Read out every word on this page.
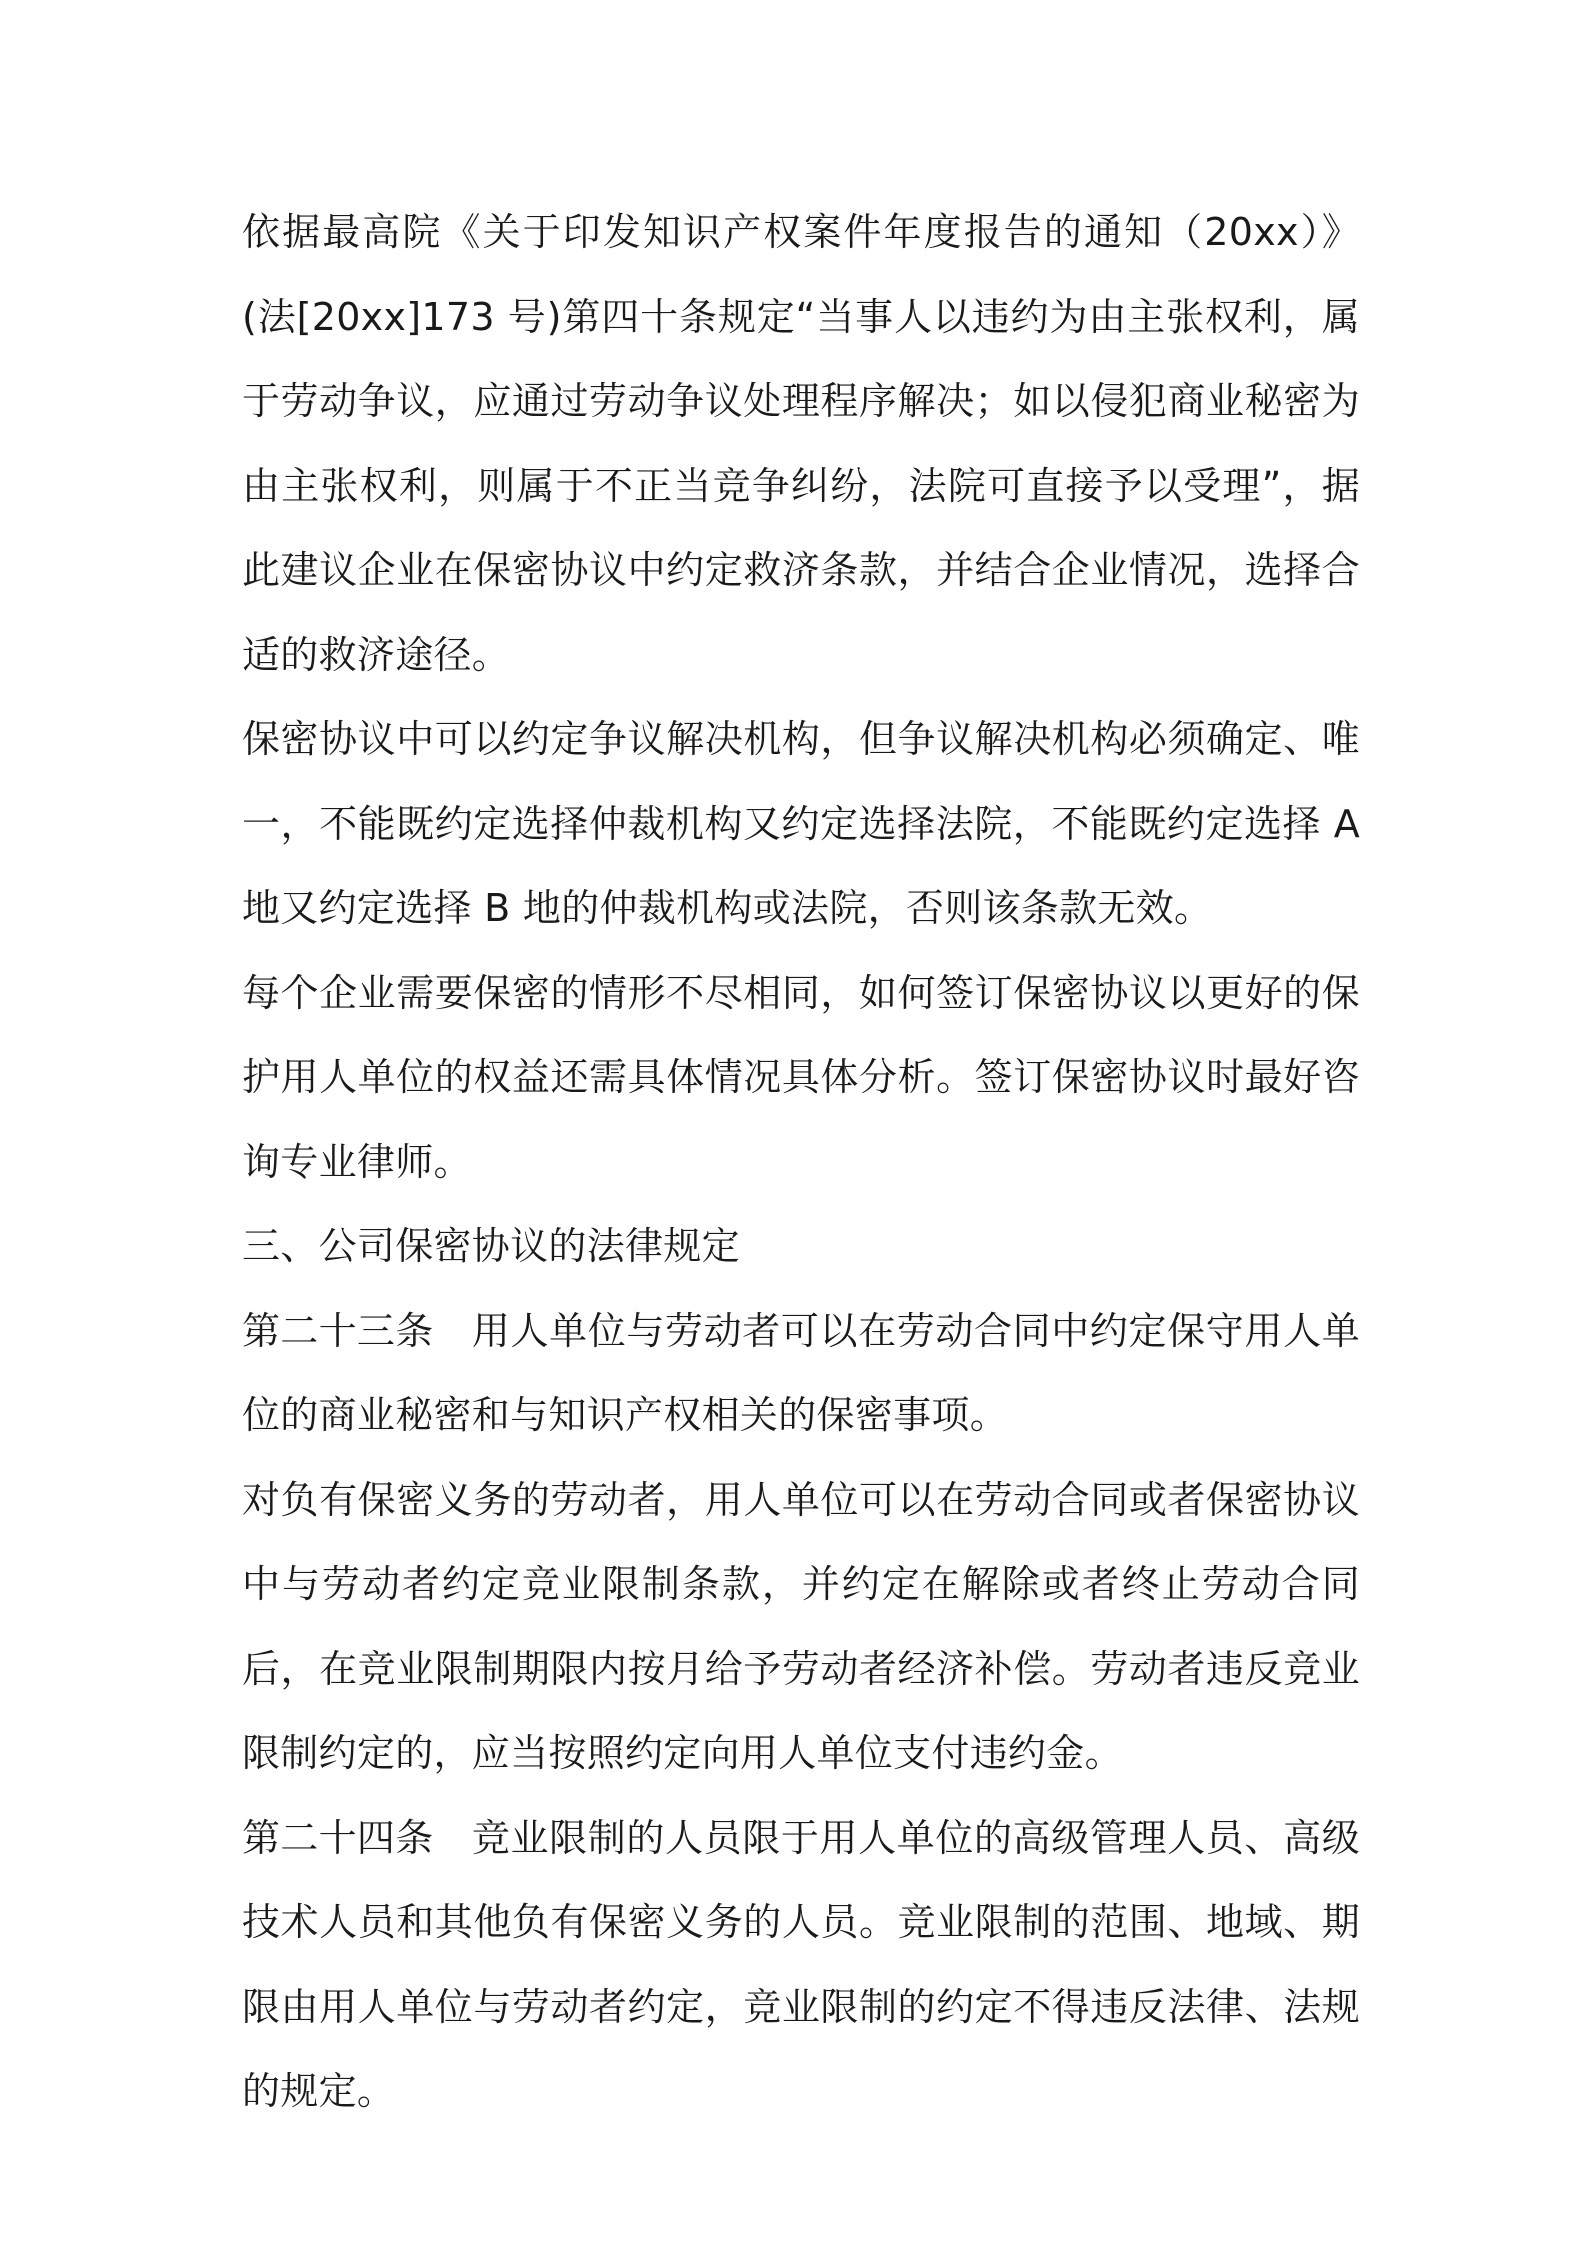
依据最高院《关于印发知识产权案件年度报告的通知（20xx）》(法[20xx]173 号)第四十条规定“当事人以违约为由主张权利，属于劳动争议，应通过劳动争议处理程序解决；如以侵犯商业秘密为由主张权利，则属于不正当竞争纠纷，法院可直接予以受理”，据此建议企业在保密协议中约定救济条款，并结合企业情况，选择合适的救济途径。

保密协议中可以约定争议解决机构，但争议解决机构必须确定、唯一，不能既约定选择仲裁机构又约定选择法院，不能既约定选择 A 地又约定选择 B 地的仲裁机构或法院，否则该条款无效。

每个企业需要保密的情形不尽相同，如何签订保密协议以更好的保护用人单位的权益还需具体情况具体分析。签订保密协议时最好咨询专业律师。

三、公司保密协议的法律规定

第二十三条 用人单位与劳动者可以在劳动合同中约定保守用人单位的商业秘密和与知识产权相关的保密事项。

对负有保密义务的劳动者，用人单位可以在劳动合同或者保密协议中与劳动者约定竞业限制条款，并约定在解除或者终止劳动合同后，在竞业限制期限内按月给予劳动者经济补偿。劳动者违反竞业限制约定的，应当按照约定向用人单位支付违约金。

第二十四条 竞业限制的人员限于用人单位的高级管理人员、高级技术人员和其他负有保密义务的人员。竞业限制的范围、地域、期限由用人单位与劳动者约定，竞业限制的约定不得违反法律、法规的规定。
